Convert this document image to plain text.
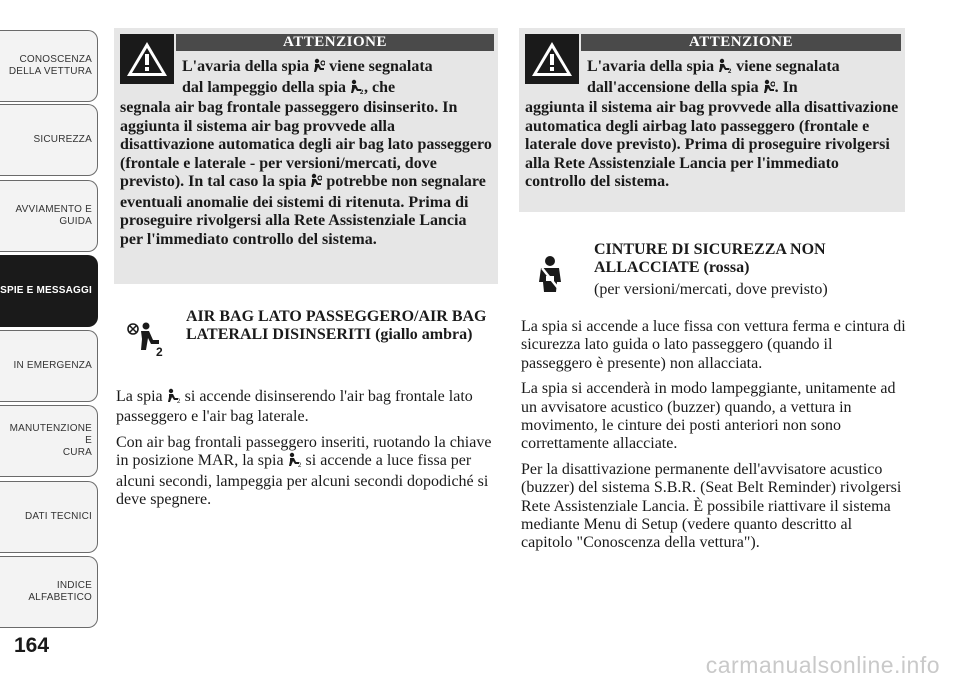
CONOSCENZA
DELLA VETTURA
SICUREZZA
AVVIAMENTO E
GUIDA
SPIE E MESSAGGI
IN EMERGENZA
MANUTENZIONE E
CURA
DATI TECNICI
INDICE
ALFABETICO
164
carmanualsonline.info
ATTENZIONE

L'avaria della spia  viene segnalata
dal lampeggio della spia 2 , che
segnala air bag frontale passeggero disinserito. In aggiunta il sistema air bag provvede alla disattivazione automatica degli air bag lato passeggero (frontale e laterale - per versioni/mercati, dove previsto). In tal caso la spia  potrebbe non segnalare eventuali anomalie dei sistemi di ritenuta. Prima di proseguire rivolgersi alla Rete Assistenziale Lancia per l'immediato controllo del sistema.

ATTENZIONE

L'avaria della spia 2 viene segnalata
dall'accensione della spia . In
aggiunta il sistema air bag provvede alla disattivazione automatica degli airbag lato passeggero (frontale e laterale dove previsto). Prima di proseguire rivolgersi alla Rete Assistenziale Lancia per l'immediato controllo del sistema.

2
AIR BAG LATO PASSEGGERO/AIR BAG LATERALI DISINSERITI (giallo ambra)

La spia 2 si accende disinserendo l'air bag frontale lato passeggero e l'air bag laterale.

Con air bag frontali passeggero inseriti, ruotando la chiave in posizione MAR, la spia 2 si accende a luce fissa per alcuni secondi, lampeggia per alcuni secondi dopodiché si deve spegnere.

CINTURE DI SICUREZZA NON ALLACCIATE (rossa)

(per versioni/mercati, dove previsto)

La spia si accende a luce fissa con vettura ferma e cintura di sicurezza lato guida o lato passeggero (quando il passeggero è presente) non allacciata.

La spia si accenderà in modo lampeggiante, unitamente ad un avvisatore acustico (buzzer) quando, a vettura in movimento, le cinture dei posti anteriori non sono correttamente allacciate.

Per la disattivazione permanente dell'avvisatore acustico (buzzer) del sistema S.B.R. (Seat Belt Reminder) rivolgersi Rete Assistenziale Lancia. È possibile riattivare il sistema mediante Menu di Setup (vedere quanto descritto al capitolo "Conoscenza della vettura").
